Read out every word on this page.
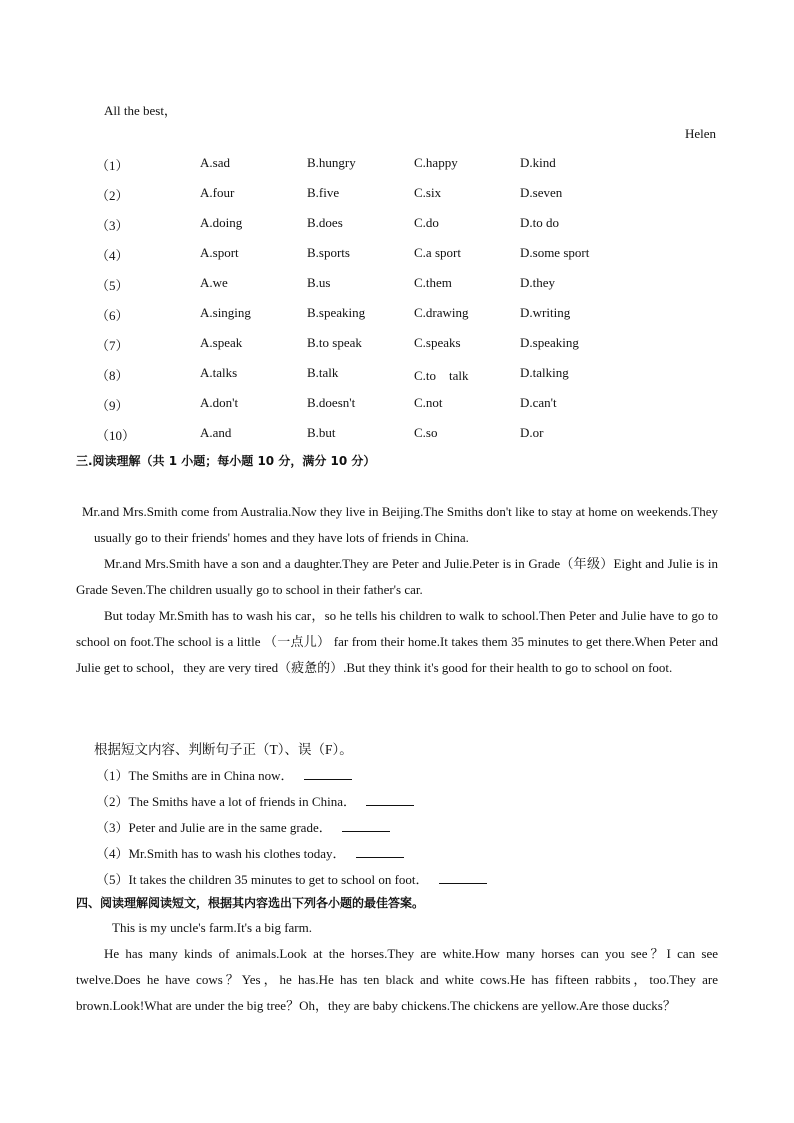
All the best，
Helen
（1）	A.sad	B.hungry	C.happy	D.kind
（2）	A.four	B.five	C.six	D.seven
（3）	A.doing	B.does	C.do	D.to do
（4）	A.sport	B.sports	C.a sport	D.some sport
（5）	A.we	B.us	C.them	D.they
（6）	A.singing	B.speaking	C.drawing	D.writing
（7）	A.speak	B.to speak	C.speaks	D.speaking
（8）	A.talks	B.talk	C.to　talk	D.talking
（9）	A.don't	B.doesn't	C.not	D.can't
（10）	A.and	B.but	C.so	D.or
三.阅读理解（共 1 小题；每小题 10 分，满分 10 分）

Mr.and Mrs.Smith come from Australia.Now they live in Beijing.The Smiths don't like to stay at home on weekends.They usually go to their friends' homes and they have lots of friends in China.

Mr.and Mrs.Smith have a son and a daughter.They are Peter and Julie.Peter is in Grade（年级）Eight and Julie is in Grade Seven.The children usually go to school in their father's car.

But today Mr.Smith has to wash his car，so he tells his children to walk to school.Then Peter and Julie have to go to school on foot.The school is a little （一点儿） far from their home.It takes them 35 minutes to get there.When Peter and Julie get to school，they are very tired（疲惫的）.But they think it's good for their health to go to school on foot.

根据短文内容、判断句子正（T）、误（F）。
（1）The Smiths are in China now．
（2）The Smiths have a lot of friends in China．
（3）Peter and Julie are in the same grade．
（4）Mr.Smith has to wash his clothes today．
（5）It takes the children 35 minutes to get to school on foot．
四、阅读理解阅读短文，根据其内容选出下列各小题的最佳答案。

This is my uncle's farm.It's a big farm.

He has many kinds of animals.Look at the horses.They are white.How many horses can you see？I can see twelve.Does he have cows？Yes，he has.He has ten black and white cows.He has fifteen rabbits，too.They are brown.Look!What are under the big tree？Oh，they are baby chickens.The chickens are yellow.Are those ducks？
